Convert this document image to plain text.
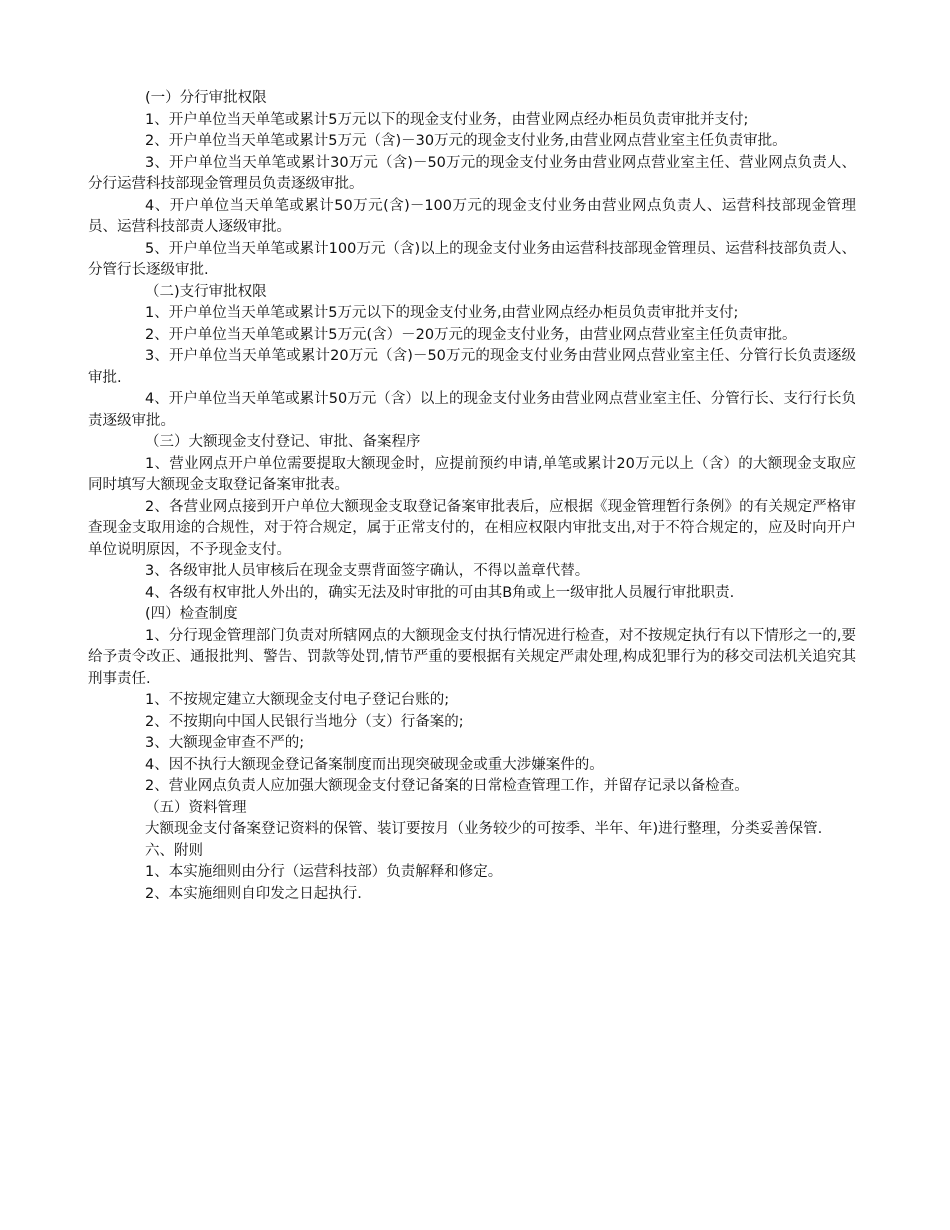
(一）分行审批权限

1、开户单位当天单笔或累计5万元以下的现金支付业务，由营业网点经办柜员负责审批并支付;

2、开户单位当天单笔或累计5万元（含)－30万元的现金支付业务,由营业网点营业室主任负责审批。

3、开户单位当天单笔或累计30万元（含)－50万元的现金支付业务由营业网点营业室主任、营业网点负责人、分行运营科技部现金管理员负责逐级审批。

4、开户单位当天单笔或累计50万元(含)－100万元的现金支付业务由营业网点负责人、运营科技部现金管理员、运营科技部责人逐级审批。

5、开户单位当天单笔或累计100万元（含)以上的现金支付业务由运营科技部现金管理员、运营科技部负责人、分管行长逐级审批.

（二)支行审批权限

1、开户单位当天单笔或累计5万元以下的现金支付业务,由营业网点经办柜员负责审批并支付;

2、开户单位当天单笔或累计5万元(含）－20万元的现金支付业务，由营业网点营业室主任负责审批。

3、开户单位当天单笔或累计20万元（含)－50万元的现金支付业务由营业网点营业室主任、分管行长负责逐级审批.

4、开户单位当天单笔或累计50万元（含）以上的现金支付业务由营业网点营业室主任、分管行长、支行行长负责逐级审批。

（三）大额现金支付登记、审批、备案程序

1、营业网点开户单位需要提取大额现金时，应提前预约申请,单笔或累计20万元以上（含）的大额现金支取应同时填写大额现金支取登记备案审批表。

2、各营业网点接到开户单位大额现金支取登记备案审批表后，应根据《现金管理暂行条例》的有关规定严格审查现金支取用途的合规性，对于符合规定，属于正常支付的，在相应权限内审批支出,对于不符合规定的，应及时向开户单位说明原因，不予现金支付。

3、各级审批人员审核后在现金支票背面签字确认，不得以盖章代替。

4、各级有权审批人外出的，确实无法及时审批的可由其B角或上一级审批人员履行审批职责.

(四）检查制度

1、分行现金管理部门负责对所辖网点的大额现金支付执行情况进行检查，对不按规定执行有以下情形之一的,要给予责令改正、通报批判、警告、罚款等处罚,情节严重的要根据有关规定严肃处理,构成犯罪行为的移交司法机关追究其刑事责任.

1、不按规定建立大额现金支付电子登记台账的;

2、不按期向中国人民银行当地分（支）行备案的;

3、大额现金审查不严的;

4、因不执行大额现金登记备案制度而出现突破现金或重大涉嫌案件的。

2、营业网点负责人应加强大额现金支付登记备案的日常检查管理工作，并留存记录以备检查。

（五）资料管理

大额现金支付备案登记资料的保管、装订要按月（业务较少的可按季、半年、年)进行整理，分类妥善保管.

六、附则

1、本实施细则由分行（运营科技部）负责解释和修定。

2、本实施细则自印发之日起执行.
